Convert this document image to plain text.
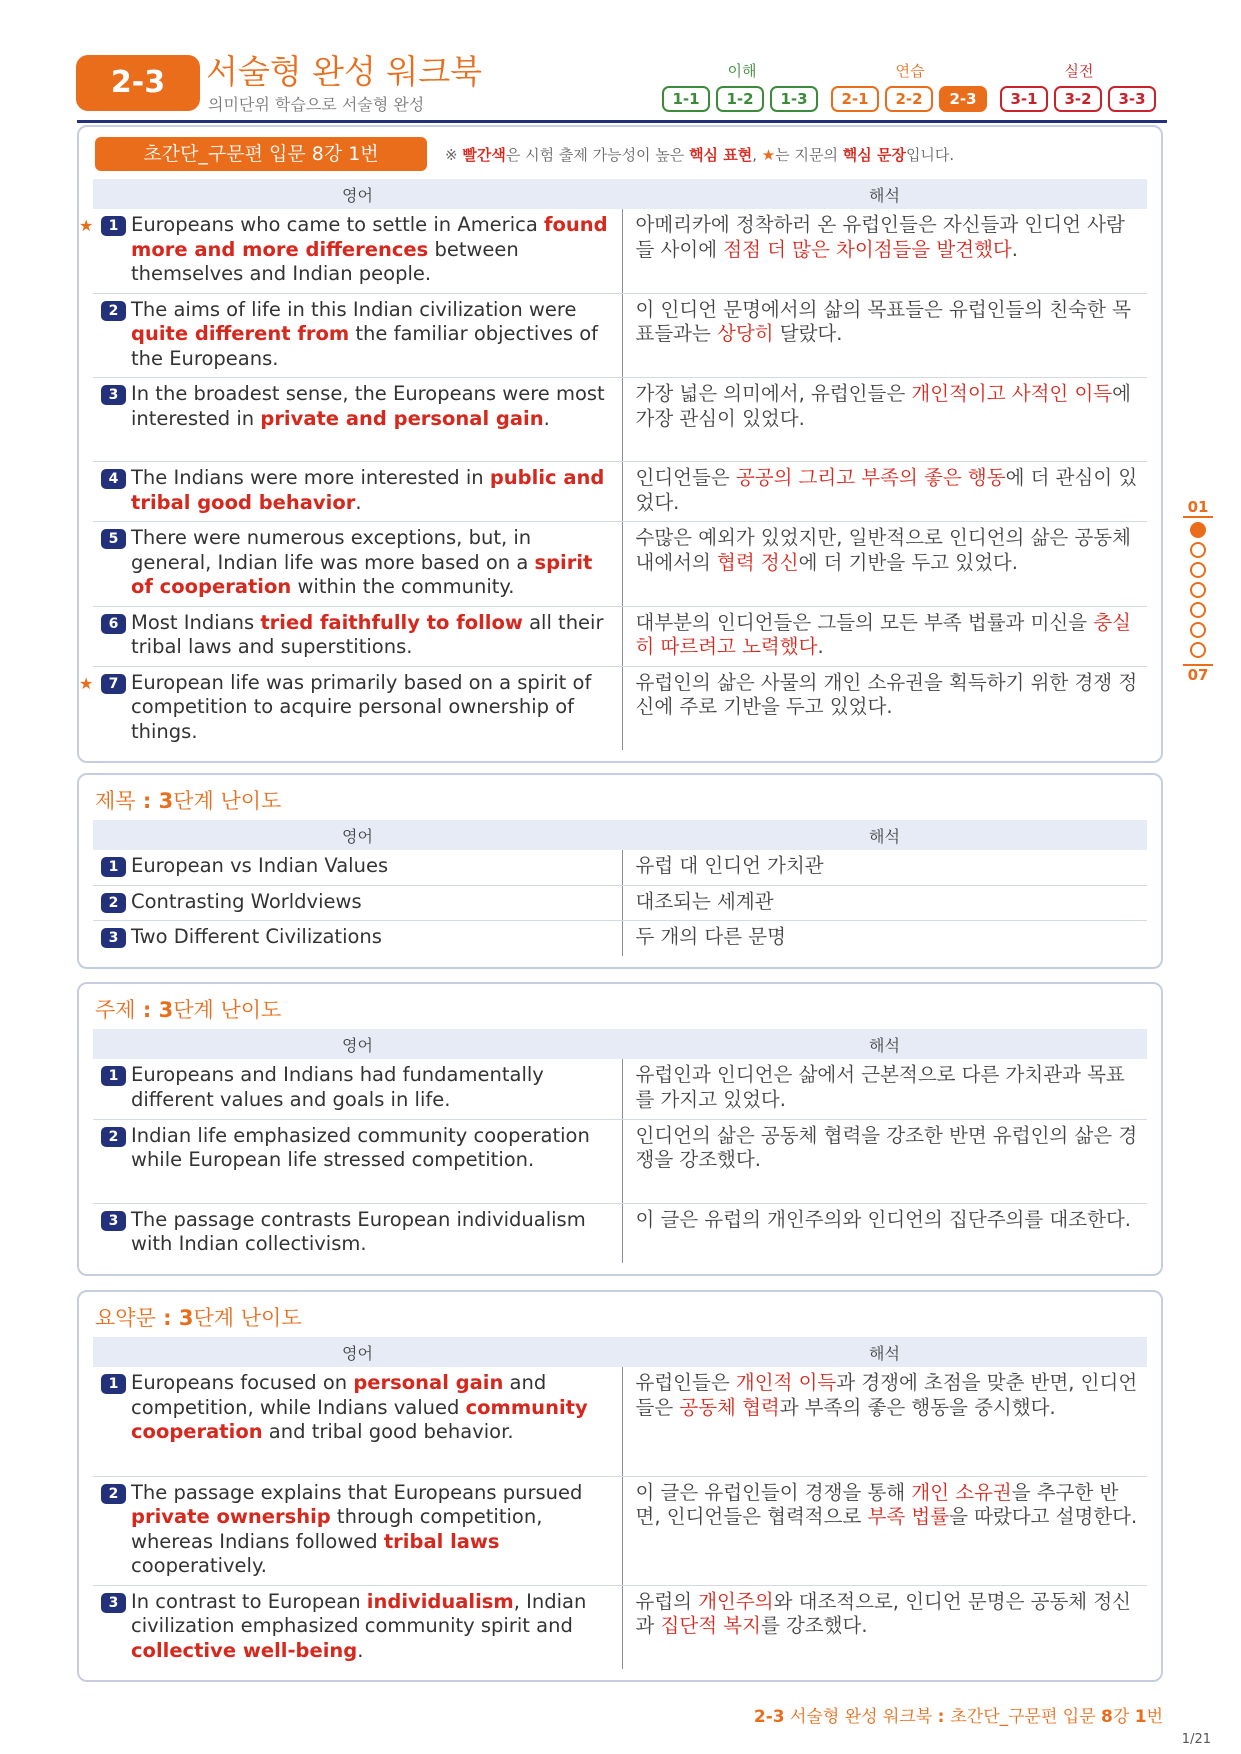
2-3	서술형 완성 워크북
의미단위 학습으로 서술형 완성
이해	연습	실전
1-1	1-2	1-3	2-1	2-2	2-3	3-1	3-2	3-3
초간단_구문편 입문 8강 1번	※ 빨간색은 시험 출제 가능성이 높은 핵심 표현, ★는 지문의 핵심 문장입니다.
영어	해석

★ 1 Europeans who came to settle in America found more and more differences between themselves and Indian people.	아메리카에 정착하러 온 유럽인들은 자신들과 인디언 사람들 사이에 점점 더 많은 차이점들을 발견했다.

2 The aims of life in this Indian civilization were quite different from the familiar objectives of the Europeans.	이 인디언 문명에서의 삶의 목표들은 유럽인들의 친숙한 목표들과는 상당히 달랐다.

3 In the broadest sense, the Europeans were most interested in private and personal gain.	가장 넓은 의미에서, 유럽인들은 개인적이고 사적인 이득에 가장 관심이 있었다.

4 The Indians were more interested in public and tribal good behavior.	인디언들은 공공의 그리고 부족의 좋은 행동에 더 관심이 있었다.

5 There were numerous exceptions, but, in general, Indian life was more based on a spirit of cooperation within the community.	수많은 예외가 있었지만, 일반적으로 인디언의 삶은 공동체 내에서의 협력 정신에 더 기반을 두고 있었다.

6 Most Indians tried faithfully to follow all their tribal laws and superstitions.	대부분의 인디언들은 그들의 모든 부족 법률과 미신을 충실히 따르려고 노력했다.

★ 7 European life was primarily based on a spirit of competition to acquire personal ownership of things.	유럽인의 삶은 사물의 개인 소유권을 획득하기 위한 경쟁 정신에 주로 기반을 두고 있었다.
제목 : 3단계 난이도
영어	해석

1 European vs Indian Values	유럽 대 인디언 가치관

2 Contrasting Worldviews	대조되는 세계관

3 Two Different Civilizations	두 개의 다른 문명
주제 : 3단계 난이도
영어	해석

1 Europeans and Indians had fundamentally different values and goals in life.	유럽인과 인디언은 삶에서 근본적으로 다른 가치관과 목표를 가지고 있었다.

2 Indian life emphasized community cooperation while European life stressed competition.	인디언의 삶은 공동체 협력을 강조한 반면 유럽인의 삶은 경쟁을 강조했다.

3 The passage contrasts European individualism with Indian collectivism.	이 글은 유럽의 개인주의와 인디언의 집단주의를 대조한다.
요약문 : 3단계 난이도
영어	해석

1 Europeans focused on personal gain and competition, while Indians valued community cooperation and tribal good behavior.	유럽인들은 개인적 이득과 경쟁에 초점을 맞춘 반면, 인디언들은 공동체 협력과 부족의 좋은 행동을 중시했다.

2 The passage explains that Europeans pursued private ownership through competition, whereas Indians followed tribal laws cooperatively.	이 글은 유럽인들이 경쟁을 통해 개인 소유권을 추구한 반면, 인디언들은 협력적으로 부족 법률을 따랐다고 설명한다.

3 In contrast to European individualism, Indian civilization emphasized community spirit and collective well-being.	유럽의 개인주의와 대조적으로, 인디언 문명은 공동체 정신과 집단적 복지를 강조했다.
01
07
2-3 서술형 완성 워크북 : 초간단_구문편 입문 8강 1번
1/21
